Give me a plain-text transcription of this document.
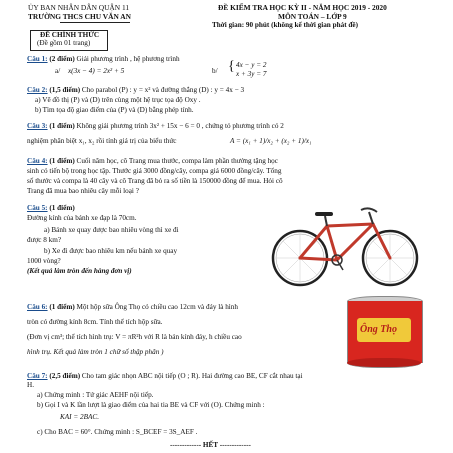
ỦY BAN NHÂN DÂN QUẬN 11
TRƯỜNG THCS CHU VĂN AN
ĐỀ KIỂM TRA HỌC KỲ II - NĂM HỌC 2019 - 2020
MÔN TOÁN – LỚP 9
Thời gian: 90 phút (không kể thời gian phát đề)
ĐỀ CHÍNH THỨC
(Đề gồm 01 trang)
Câu 1: (2 điểm) Giải phương trình , hệ phương trình
a/ x(3x − 4) = 2x² + 5	b/ { 4x − y = 2
x + 3y = 7
Câu 2: (1,5 điểm) Cho parabol (P) : y = x² và đường thẳng (D) : y = 4x − 3
a) Vẽ đồ thị (P) và (D) trên cùng một hệ trục tọa độ Oxy .
b) Tìm tọa độ giao điểm của (P) và (D) bằng phép tính.
Câu 3: (1 điểm) Không giải phương trình 3x² + 15x − 6 = 0 , chứng tỏ phương trình có 2
nghiệm phân biệt x₁, x₂ rồi tính giá trị của biểu thức	A = (x₁ + 1)/x₂ + (x₂ + 1)/x₁
Câu 4: (1 điểm) Cuối năm học, cô Trang mua thước, compa làm phần thưởng tặng học
sinh có tiến bộ trong học tập. Thước giá 3000 đồng/cây, compa giá 6000 đồng/cây. Tổng
số thước và compa là 40 cây và cô Trang đã bỏ ra số tiền là 150000 đồng để mua. Hỏi cô
Trang đã mua bao nhiêu cây mỗi loại ?
Câu 5: (1 điểm)
Đường kính của bánh xe đạp là 70cm.
a) Bánh xe quay được bao nhiêu vòng thì xe đi
được 8 km?
b) Xe đi được bao nhiêu km nếu bánh xe quay
1000 vòng?
(Kết quả làm tròn đến hàng đơn vị)
Câu 6: (1 điểm) Một hộp sữa Ông Thọ có chiều cao 12cm và đáy là hình
tròn có đường kính 8cm. Tính thể tích hộp sữa.
(Đơn vị cm³; thể tích hình trụ: V = πR²h với R là bán kính đáy, h chiều cao
hình trụ. Kết quả làm tròn 1 chữ số thập phân )
Ông Thọ
Câu 7: (2,5 điểm) Cho tam giác nhọn ABC nội tiếp (O ; R). Hai đường cao BE, CF cắt nhau tại
H.
a) Chứng minh : Tứ giác AEHF nội tiếp.
b) Gọi I và K lần lượt là giao điểm của hai tia BE và CF với (O). Chứng minh :
KAI = 2BAC.
c) Cho BAC = 60°. Chứng minh : S_BCEF = 3S_AEF .
------------- HẾT -------------
